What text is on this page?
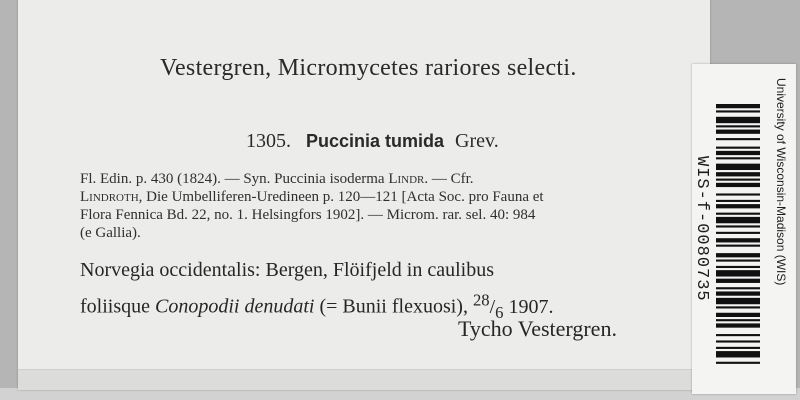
Vestergren, Micromycetes rariores selecti.
1305. Puccinia tumida Grev.
Fl. Edin. p. 430 (1824). — Syn. Puccinia isoderma Lindr. — Cfr.
Lindroth, Die Umbelliferen-Uredineen p. 120—121 [Acta Soc. pro Fauna et
Flora Fennica Bd. 22, no. 1. Helsingfors 1902]. — Microm. rar. sel. 40: 984
(e Gallia).
Norvegia occidentalis: Bergen, Flöifjeld in caulibus
foliisque Conopodii denudati (= Bunii flexuosi), $^{28}/_6$ 1907.
Tycho Vestergren.
WIS-f-0080735	University of Wisconsin-Madison (WIS)
